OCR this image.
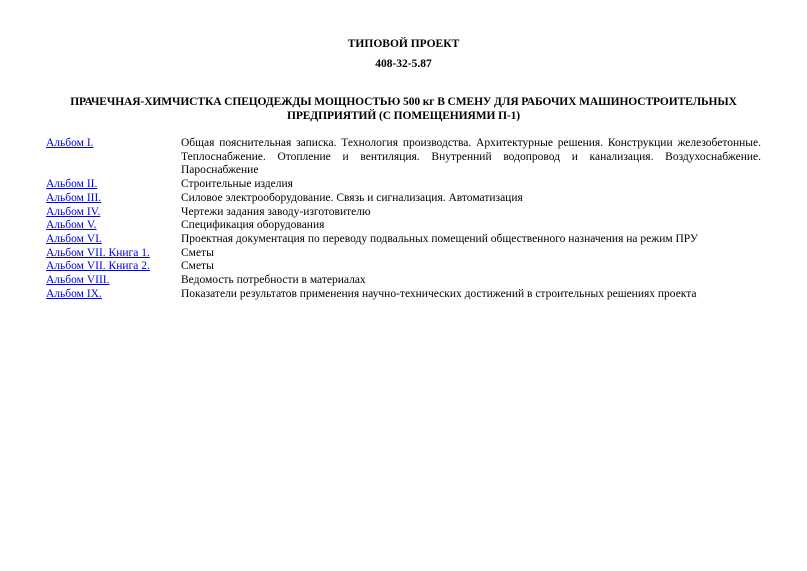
ТИПОВОЙ ПРОЕКТ
408-32-5.87
ПРАЧЕЧНАЯ-ХИМЧИСТКА СПЕЦОДЕЖДЫ МОЩНОСТЬЮ 500 кг В СМЕНУ ДЛЯ РАБОЧИХ МАШИНОСТРОИТЕЛЬНЫХ ПРЕДПРИЯТИЙ (С ПОМЕЩЕНИЯМИ П-1)
Альбом I.	Общая пояснительная записка. Технология производства. Архитектурные решения. Конструкции железобетонные. Теплоснабжение. Отопление и вентиляция. Внутренний водопровод и канализация. Воздухоснабжение. Пароснабжение
Альбом II.	Строительные изделия
Альбом III.	Силовое электрооборудование. Связь и сигнализация. Автоматизация
Альбом IV.	Чертежи задания заводу-изготовителю
Альбом V.	Спецификация оборудования
Альбом VI.	Проектная документация по переводу подвальных помещений общественного назначения на режим ПРУ
Альбом VII. Книга 1.	Сметы
Альбом VII. Книга 2.	Сметы
Альбом VIII.	Ведомость потребности в материалах
Альбом IX.	Показатели результатов применения научно-технических достижений в строительных решениях проекта
